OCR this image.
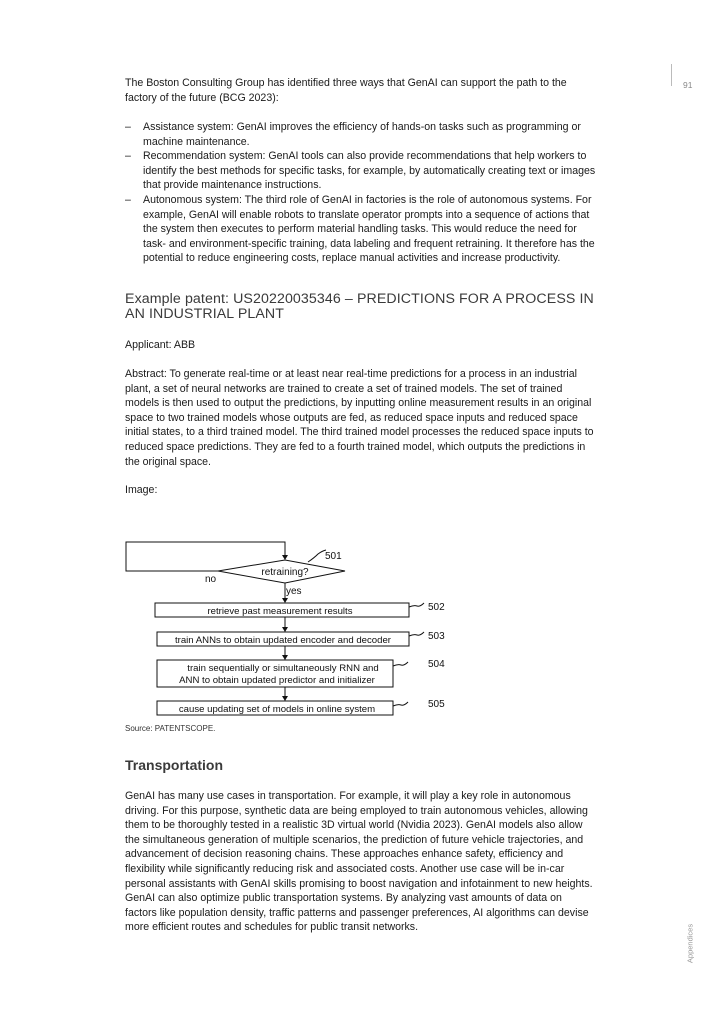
91

The Boston Consulting Group has identified three ways that GenAI can support the path to the factory of the future (BCG 2023):

– Assistance system: GenAI improves the efficiency of hands-on tasks such as programming or machine maintenance.
– Recommendation system: GenAI tools can also provide recommendations that help workers to identify the best methods for specific tasks, for example, by automatically creating text or images that provide maintenance instructions.
– Autonomous system: The third role of GenAI in factories is the role of autonomous systems. For example, GenAI will enable robots to translate operator prompts into a sequence of actions that the system then executes to perform material handling tasks. This would reduce the need for task- and environment-specific training, data labeling and frequent retraining. It therefore has the potential to reduce engineering costs, replace manual activities and increase productivity.
Example patent: US20220035346 – PREDICTIONS FOR A PROCESS IN AN INDUSTRIAL PLANT

Applicant: ABB

Abstract: To generate real-time or at least near real-time predictions for a process in an industrial plant, a set of neural networks are trained to create a set of trained models. The set of trained models is then used to output the predictions, by inputting online measurement results in an original space to two trained models whose outputs are fed, as reduced space inputs and reduced space initial states, to a third trained model. The third trained model processes the reduced space inputs to reduced space predictions. They are fed to a fourth trained model, which outputs the predictions in the original space.

Image:

retraining?
501
no
yes
retrieve past measurement results	502
train ANNs to obtain updated encoder and decoder	503
train sequentially or simultaneously RNN and
ANN to obtain updated predictor and initializer
504
cause updating set of models in online system	505
Source: PATENTSCOPE.
Transportation

GenAI has many use cases in transportation. For example, it will play a key role in autonomous driving. For this purpose, synthetic data are being employed to train autonomous vehicles, allowing them to be thoroughly tested in a realistic 3D virtual world (Nvidia 2023). GenAI models also allow the simultaneous generation of multiple scenarios, the prediction of future vehicle trajectories, and advancement of decision reasoning chains. These approaches enhance safety, efficiency and flexibility while significantly reducing risk and associated costs. Another use case will be in-car personal assistants with GenAI skills promising to boost navigation and infotainment to new heights. GenAI can also optimize public transportation systems. By analyzing vast amounts of data on factors like population density, traffic patterns and passenger preferences, AI algorithms can devise more efficient routes and schedules for public transit networks.	Appendices
